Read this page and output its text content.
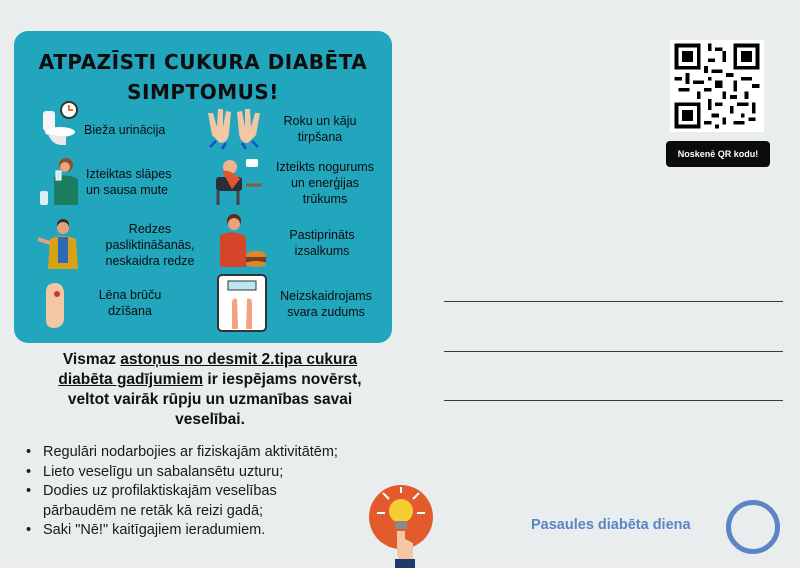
ATPAZĪSTI CUKURA DIABĒTA
SIMPTOMUS!
Bieža urinācija
Roku un kāju
tirpšana
Izteiktas slāpes
un sausa mute
Izteikts nogurums
un enerģijas
trūkums
Redzes
pasliktināšanās,
neskaidra redze
Pastiprināts
izsalkums
Lēna brūču
dzīšana
Neizskaidrojams
svara zudums
Noskenē QR kodu!
Vismaz astoņus no desmit 2.tipa cukura
diabēta gadījumiem ir iespējams novērst,
veltot vairāk rūpju un uzmanības savai
veselībai.
• Regulāri nodarbojies ar fiziskajām aktivitātēm;
• Lieto veselīgu un sabalansētu uzturu;
• Dodies uz profilaktiskajām veselības
pārbaudēm ne retāk kā reizi gadā;
• Saki "Nē!" kaitīgajiem ieradumiem.	Pasaules diabēta diena
